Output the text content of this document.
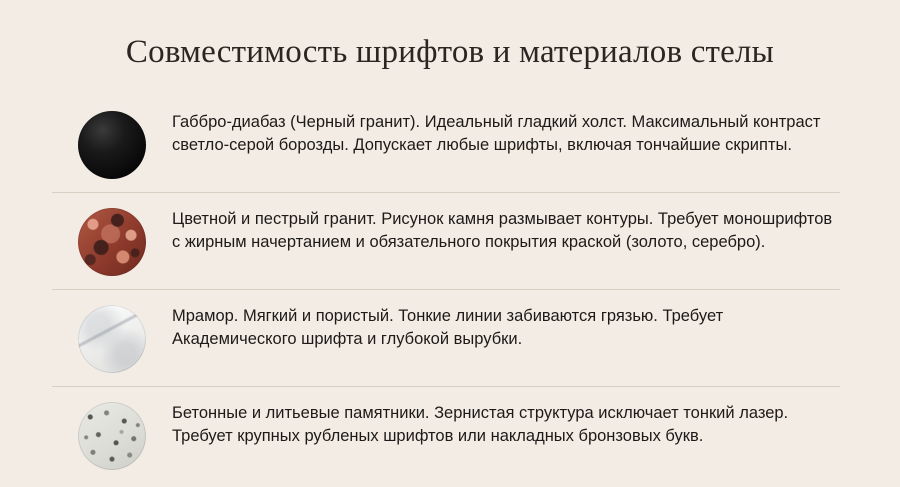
Совместимость шрифтов и материалов стелы
Габбро-диабаз (Черный гранит). Идеальный гладкий холст. Максимальный контраст светло-серой борозды. Допускает любые шрифты, включая тончайшие скрипты.
Цветной и пестрый гранит. Рисунок камня размывает контуры. Требует моношрифтов с жирным начертанием и обязательного покрытия краской (золото, серебро).
Мрамор. Мягкий и пористый. Тонкие линии забиваются грязью. Требует Академического шрифта и глубокой вырубки.
Бетонные и литьевые памятники. Зернистая структура исключает тонкий лазер. Требует крупных рубленых шрифтов или накладных бронзовых букв.
